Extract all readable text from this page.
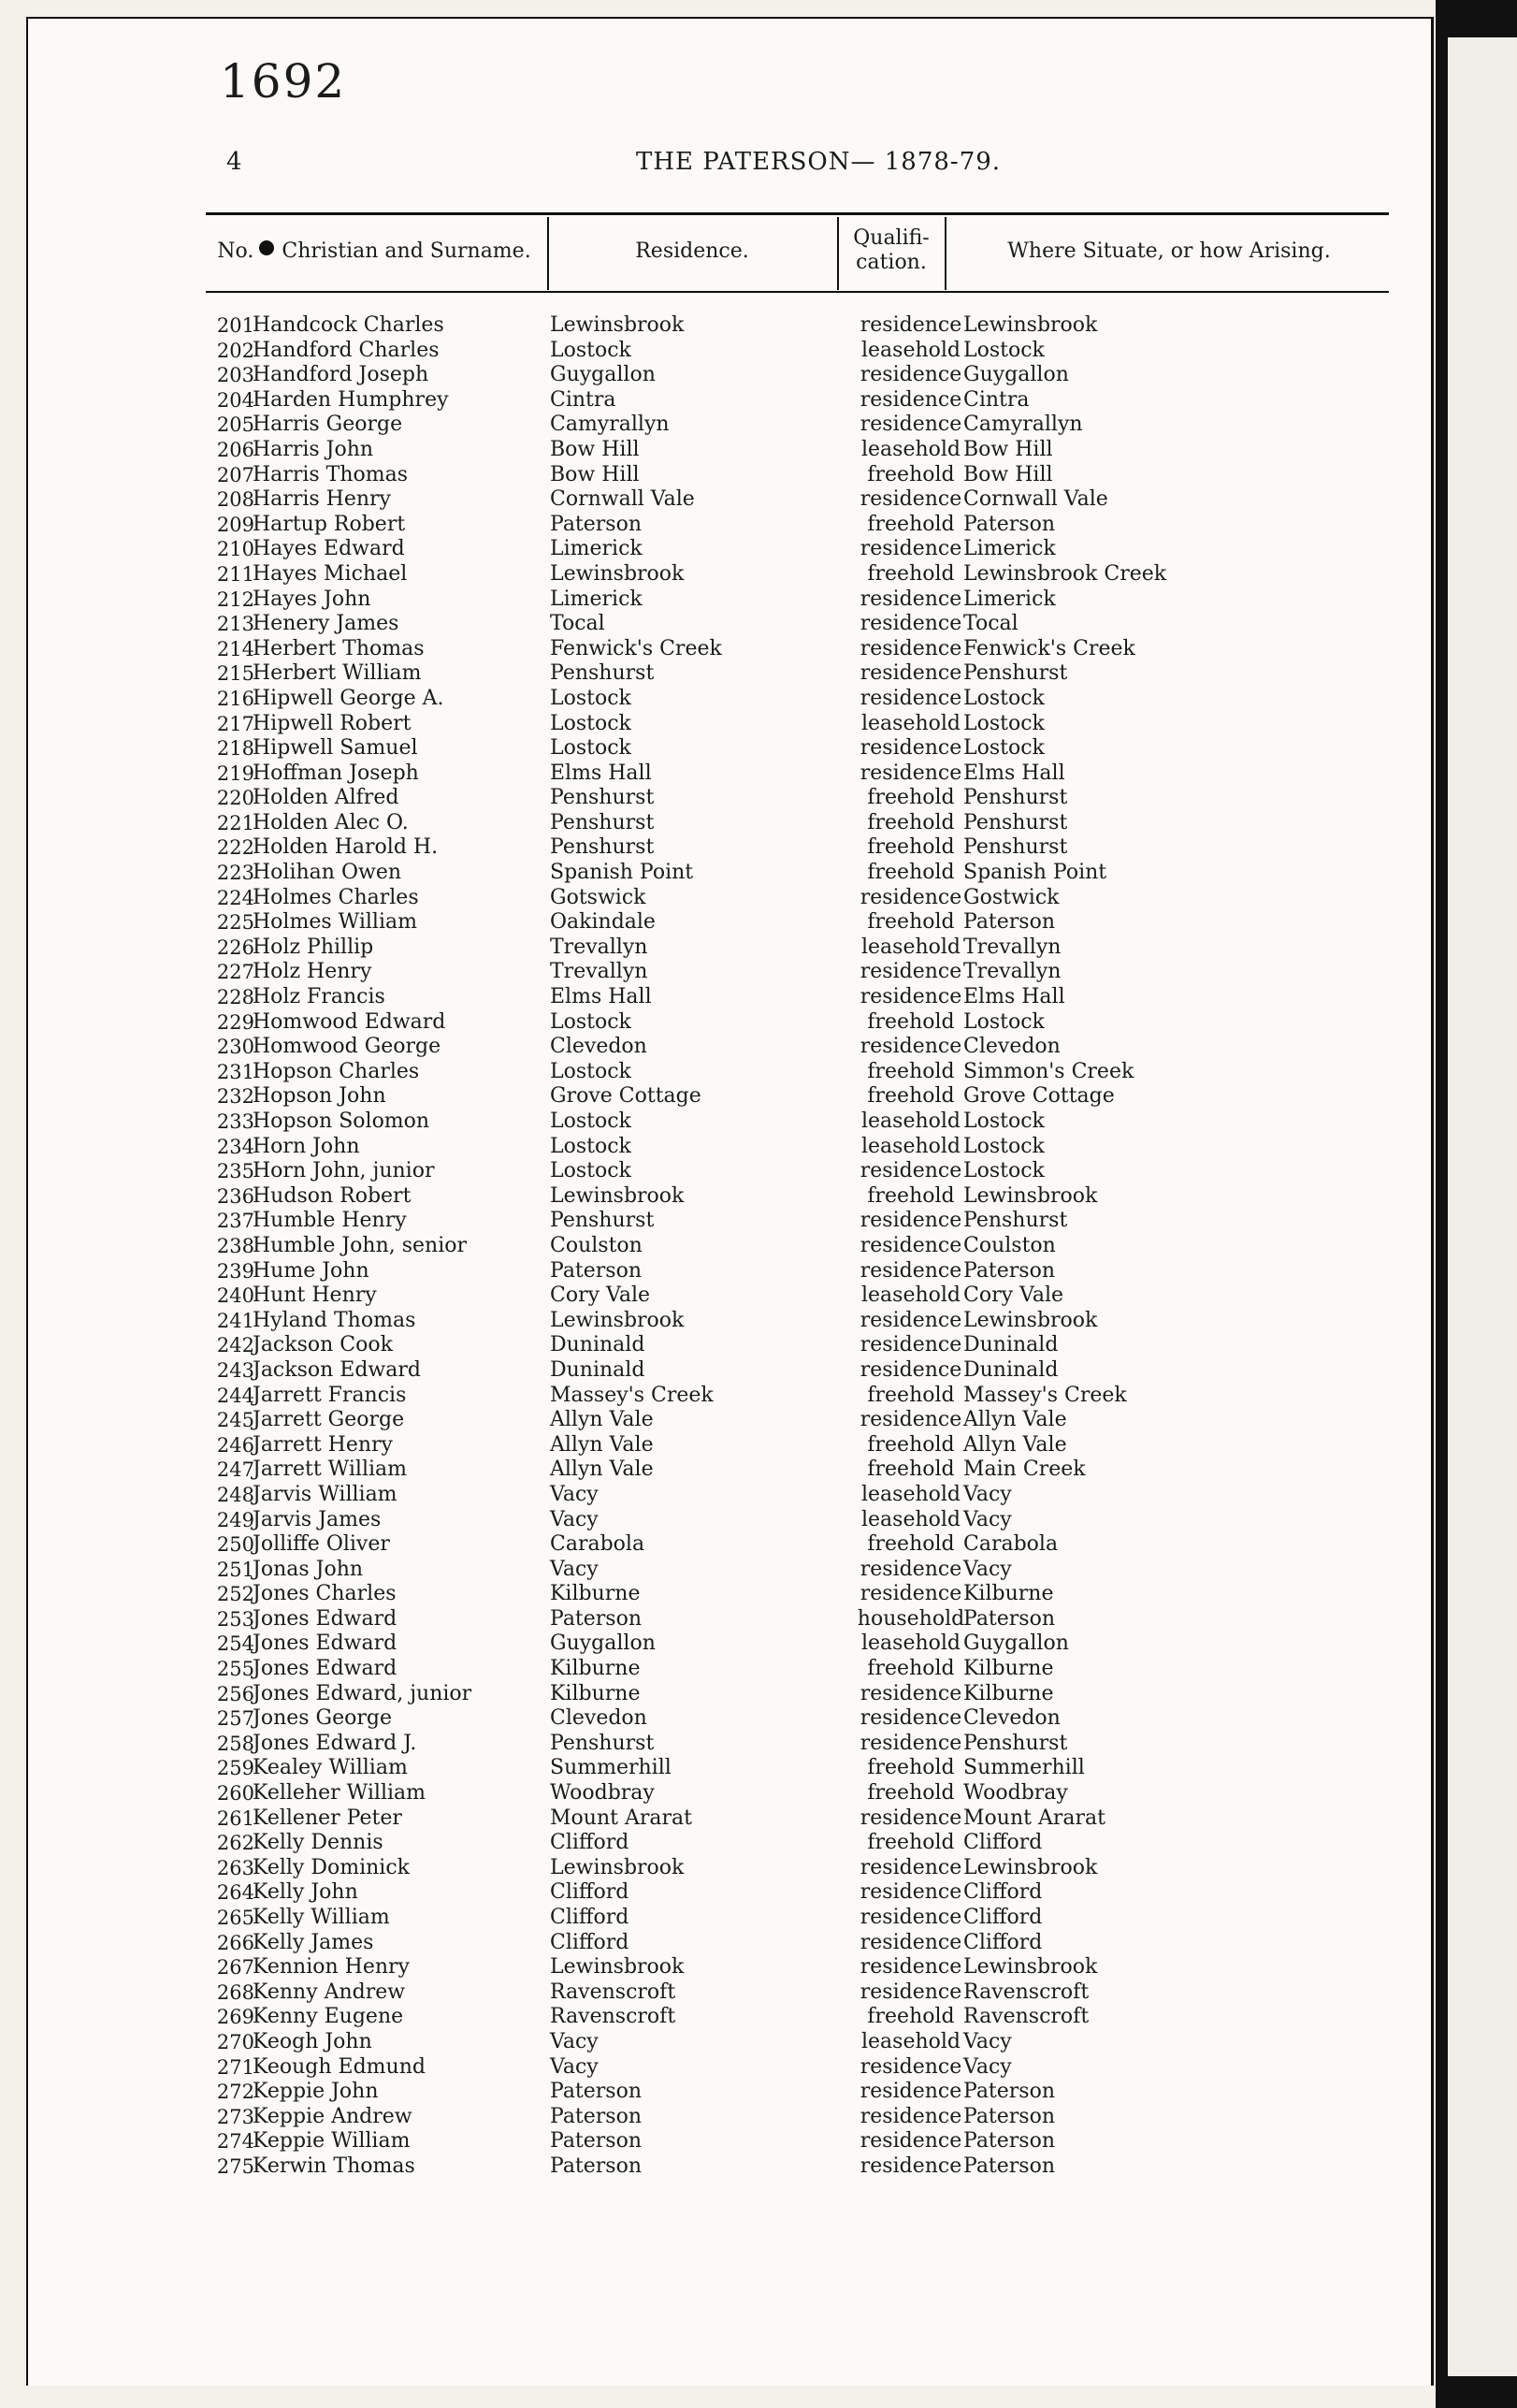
1692
4	THE PATERSON— 1878-79.
No. Christian and Surname.	Residence.
Qualifi-
cation.	Where Situate, or how Arising.
201
Handcock Charles	Lewinsbrook	residence Lewinsbrook
202
Handford Charles	Lostock	leasehold Lostock
203
Handford Joseph	Guygallon	residence Guygallon
204
Harden Humphrey	Cintra	residence Cintra
205
Harris George	Camyrallyn	residence Camyrallyn
206
Harris John	Bow Hill	leasehold Bow Hill
207
Harris Thomas	Bow Hill	freehold Bow Hill
208
Harris Henry	Cornwall Vale	residence Cornwall Vale
209
Hartup Robert	Paterson	freehold Paterson
210
Hayes Edward	Limerick	residence Limerick
211
Hayes Michael	Lewinsbrook	freehold Lewinsbrook Creek
212
Hayes John	Limerick	residence Limerick
213
Henery James	Tocal	residence Tocal
214
Herbert Thomas	Fenwick's Creek	residence Fenwick's Creek
215
Herbert William	Penshurst	residence Penshurst
216
Hipwell George A.	Lostock	residence Lostock
217
Hipwell Robert	Lostock	leasehold Lostock
218
Hipwell Samuel	Lostock	residence Lostock
219
Hoffman Joseph	Elms Hall	residence Elms Hall
220
Holden Alfred	Penshurst	freehold Penshurst
221
Holden Alec O.	Penshurst	freehold Penshurst
222
Holden Harold H.	Penshurst	freehold Penshurst
223
Holihan Owen	Spanish Point	freehold Spanish Point
224
Holmes Charles	Gotswick	residence Gostwick
225
Holmes William	Oakindale	freehold Paterson
226
Holz Phillip	Trevallyn	leasehold Trevallyn
227
Holz Henry	Trevallyn	residence Trevallyn
228
Holz Francis	Elms Hall	residence Elms Hall
229
Homwood Edward	Lostock	freehold Lostock
230
Homwood George	Clevedon	residence Clevedon
231
Hopson Charles	Lostock	freehold Simmon's Creek
232
Hopson John	Grove Cottage	freehold Grove Cottage
233
Hopson Solomon	Lostock	leasehold Lostock
234
Horn John	Lostock	leasehold Lostock
235
Horn John, junior	Lostock	residence Lostock
236
Hudson Robert	Lewinsbrook	freehold Lewinsbrook
237
Humble Henry	Penshurst	residence Penshurst
238
Humble John, senior	Coulston	residence Coulston
239
Hume John	Paterson	residence Paterson
240
Hunt Henry	Cory Vale	leasehold Cory Vale
241
Hyland Thomas	Lewinsbrook	residence Lewinsbrook
242
Jackson Cook	Duninald	residence Duninald
243
Jackson Edward	Duninald	residence Duninald
244
Jarrett Francis	Massey's Creek	freehold Massey's Creek
245
Jarrett George	Allyn Vale	residence Allyn Vale
246
Jarrett Henry	Allyn Vale	freehold Allyn Vale
247
Jarrett William	Allyn Vale	freehold Main Creek
248
Jarvis William	Vacy	leasehold Vacy
249
Jarvis James	Vacy	leasehold Vacy
250
Jolliffe Oliver	Carabola	freehold Carabola
251
Jonas John	Vacy	residence Vacy
252
Jones Charles	Kilburne	residence Kilburne
253
Jones Edward	Paterson	household
Paterson
254
Jones Edward	Guygallon	leasehold Guygallon
255
Jones Edward	Kilburne	freehold Kilburne
256
Jones Edward, junior	Kilburne	residence Kilburne
257
Jones George	Clevedon	residence Clevedon
258
Jones Edward J.	Penshurst	residence Penshurst
259
Kealey William	Summerhill	freehold Summerhill
260
Kelleher William	Woodbray	freehold Woodbray
261
Kellener Peter	Mount Ararat	residence Mount Ararat
262
Kelly Dennis	Clifford	freehold Clifford
263
Kelly Dominick	Lewinsbrook	residence Lewinsbrook
264
Kelly John	Clifford	residence Clifford
265
Kelly William	Clifford	residence Clifford
266
Kelly James	Clifford	residence Clifford
267
Kennion Henry	Lewinsbrook	residence Lewinsbrook
268
Kenny Andrew	Ravenscroft	residence Ravenscroft
269
Kenny Eugene	Ravenscroft	freehold Ravenscroft
270
Keogh John	Vacy	leasehold Vacy
271
Keough Edmund	Vacy	residence Vacy
272
Keppie John	Paterson	residence Paterson
273
Keppie Andrew	Paterson	residence Paterson
274
Keppie William	Paterson	residence Paterson
275
Kerwin Thomas	Paterson	residence Paterson
